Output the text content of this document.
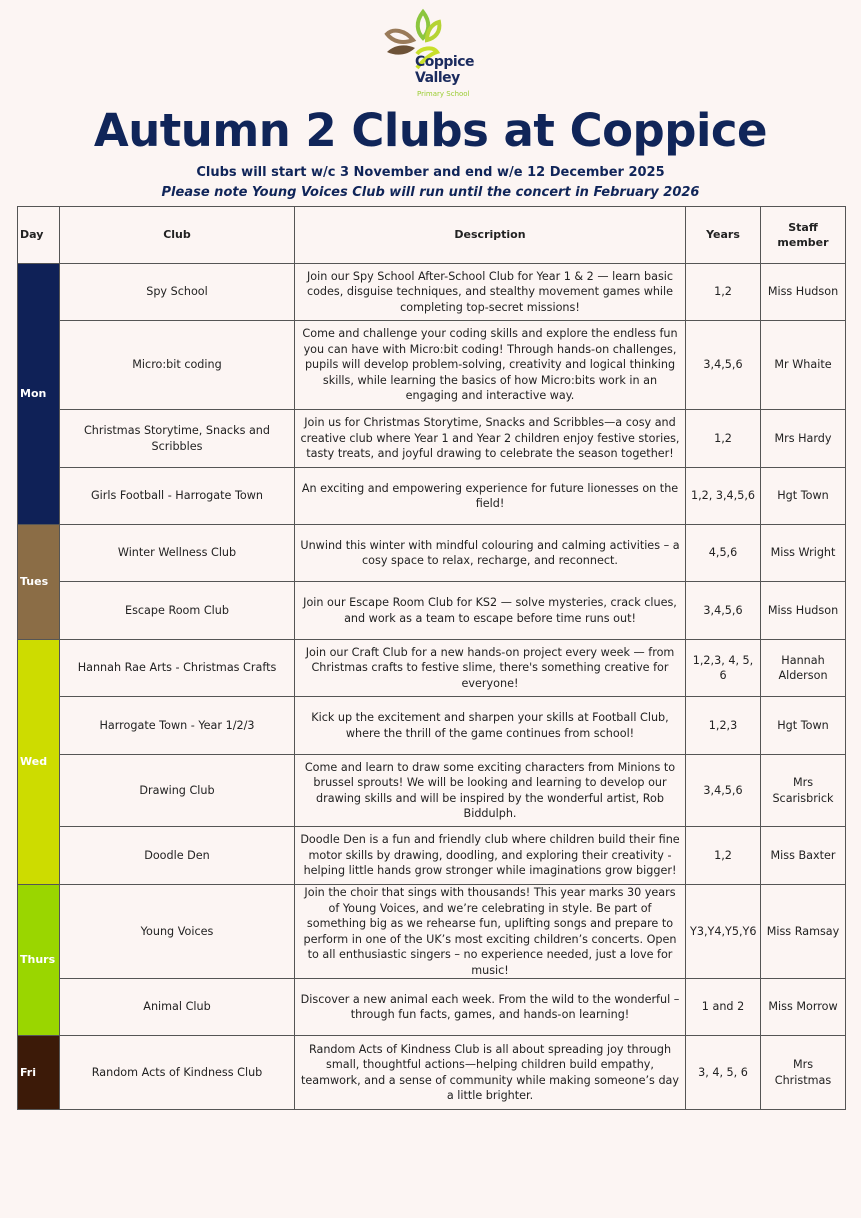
Coppice
Valley
Primary School
Autumn 2 Clubs at Coppice
Clubs will start w/c 3 November and end w/e 12 December 2025
Please note Young Voices Club will run until the concert in February 2026
Day	Club	Description	Years	Staff member
Mon	Spy School	Join our Spy School After-School Club for Year 1 & 2 — learn basic codes, disguise techniques, and stealthy movement games while completing top-secret missions!	1,2	Miss Hudson
	Micro:bit coding	Come and challenge your coding skills and explore the endless fun you can have with Micro:bit coding! Through hands-on challenges, pupils will develop problem-solving, creativity and logical thinking skills, while learning the basics of how Micro:bits work in an engaging and interactive way.	3,4,5,6	Mr Whaite
	Christmas Storytime, Snacks and Scribbles	Join us for Christmas Storytime, Snacks and Scribbles—a cosy and creative club where Year 1 and Year 2 children enjoy festive stories, tasty treats, and joyful drawing to celebrate the season together!	1,2	Mrs Hardy
	Girls Football - Harrogate Town	An exciting and empowering experience for future lionesses on the field!	1,2, 3,4,5,6	Hgt Town
Tues	Winter Wellness Club	Unwind this winter with mindful colouring and calming activities – a cosy space to relax, recharge, and reconnect.	4,5,6	Miss Wright
	Escape Room Club	Join our Escape Room Club for KS2 — solve mysteries, crack clues, and work as a team to escape before time runs out!	3,4,5,6	Miss Hudson
Wed	Hannah Rae Arts - Christmas Crafts	Join our Craft Club for a new hands-on project every week — from Christmas crafts to festive slime, there's something creative for everyone!	1,2,3, 4, 5, 6	Hannah Alderson
	Harrogate Town - Year 1/2/3	Kick up the excitement and sharpen your skills at Football Club, where the thrill of the game continues from school!	1,2,3	Hgt Town
	Drawing Club	Come and learn to draw some exciting characters from Minions to brussel sprouts! We will be looking and learning to develop our drawing skills and will be inspired by the wonderful artist, Rob Biddulph.	3,4,5,6	Mrs Scarisbrick
	Doodle Den	Doodle Den is a fun and friendly club where children build their fine motor skills by drawing, doodling, and exploring their creativity - helping little hands grow stronger while imaginations grow bigger!	1,2	Miss Baxter
Thurs	Young Voices	Join the choir that sings with thousands! This year marks 30 years of Young Voices, and we’re celebrating in style. Be part of something big as we rehearse fun, uplifting songs and prepare to perform in one of the UK’s most exciting children’s concerts. Open to all enthusiastic singers – no experience needed, just a love for music!	Y3,Y4,Y5,Y6	Miss Ramsay
	Animal Club	Discover a new animal each week. From the wild to the wonderful – through fun facts, games, and hands-on learning!	1 and 2	Miss Morrow
Fri	Random Acts of Kindness Club	Random Acts of Kindness Club is all about spreading joy through small, thoughtful actions—helping children build empathy, teamwork, and a sense of community while making someone’s day a little brighter.	3, 4, 5, 6	Mrs Christmas
